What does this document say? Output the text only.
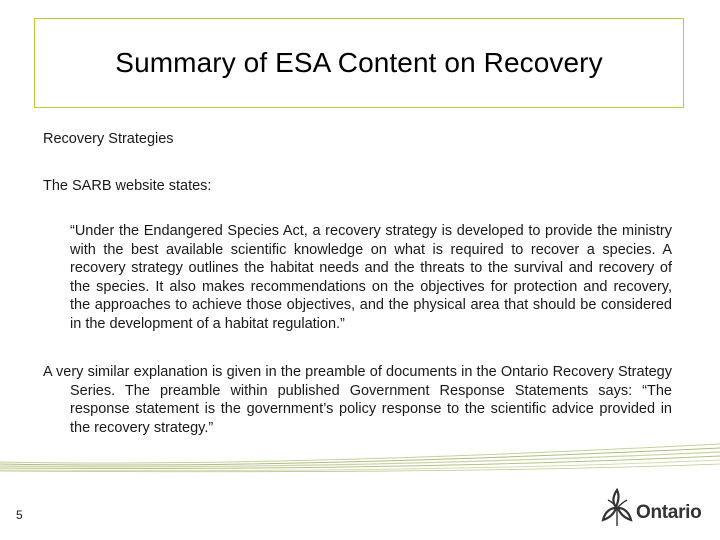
Summary of ESA Content on Recovery

Recovery Strategies

The SARB website states:

“Under the Endangered Species Act, a recovery strategy is developed to provide the ministry with the best available scientific knowledge on what is required to recover a species. A recovery strategy outlines the habitat needs and the threats to the survival and recovery of the species. It also makes recommendations on the objectives for protection and recovery, the approaches to achieve those objectives, and the physical area that should be considered in the development of a habitat regulation.”

A very similar explanation is given in the preamble of documents in the Ontario Recovery Strategy Series. The preamble within published Government Response Statements says: “The response statement is the government’s policy response to the scientific advice provided in the recovery strategy.”

5	Ontario
